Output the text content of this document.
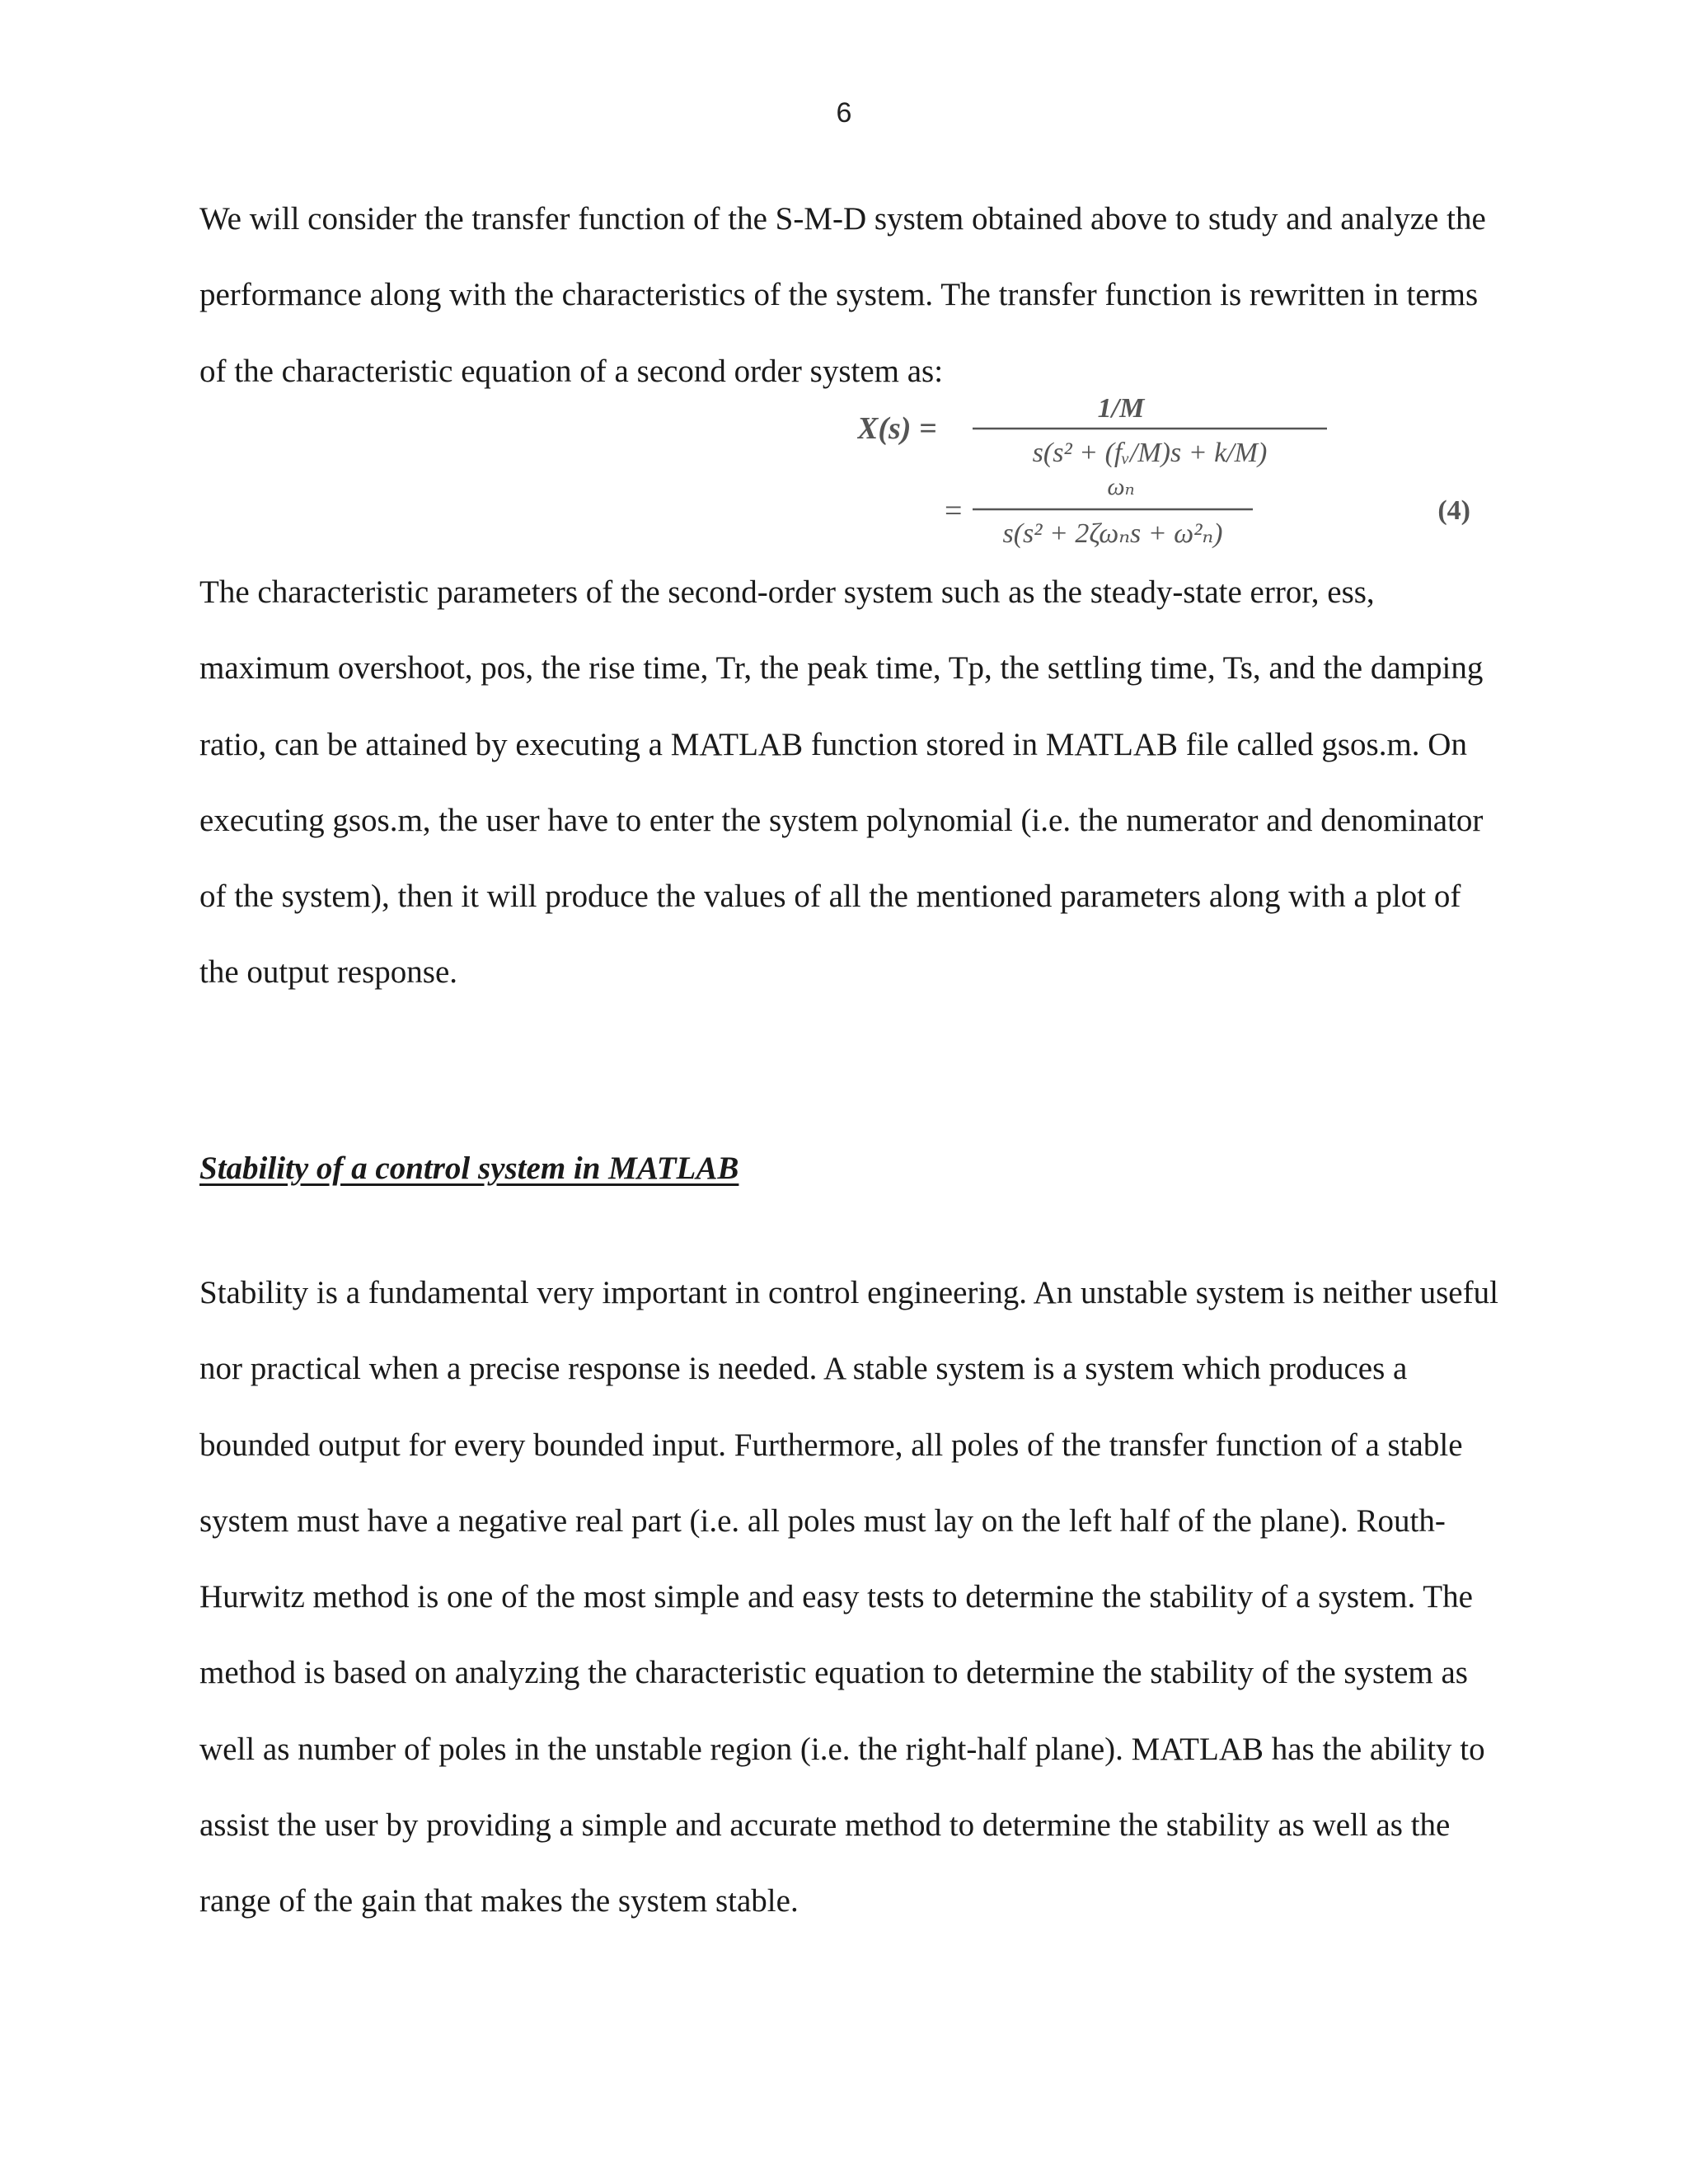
6

We will consider the transfer function of the S-M-D system obtained above to study and analyze the performance along with the characteristics of the system. The transfer function is rewritten in terms of the characteristic equation of a second order system as:

X(s) =
1/M
s(s² + (fᵥ/M)s + k/M)
=
ωₙ
s(s² + 2ζωₙs + ω²ₙ)
(4)

The characteristic parameters of the second-order system such as the steady-state error, ess, maximum overshoot, pos, the rise time, Tr, the peak time, Tp, the settling time, Ts, and the damping ratio, can be attained by executing a MATLAB function stored in MATLAB file called gsos.m. On executing gsos.m, the user have to enter the system polynomial (i.e. the numerator and denominator of the system), then it will produce the values of all the mentioned parameters along with a plot of the output response.

Stability of a control system in MATLAB

Stability is a fundamental very important in control engineering. An unstable system is neither useful nor practical when a precise response is needed. A stable system is a system which produces a bounded output for every bounded input. Furthermore, all poles of the transfer function of a stable system must have a negative real part (i.e. all poles must lay on the left half of the plane). Routh-Hurwitz method is one of the most simple and easy tests to determine the stability of a system. The method is based on analyzing the characteristic equation to determine the stability of the system as well as number of poles in the unstable region (i.e. the right-half plane). MATLAB has the ability to assist the user by providing a simple and accurate method to determine the stability as well as the range of the gain that makes the system stable.
